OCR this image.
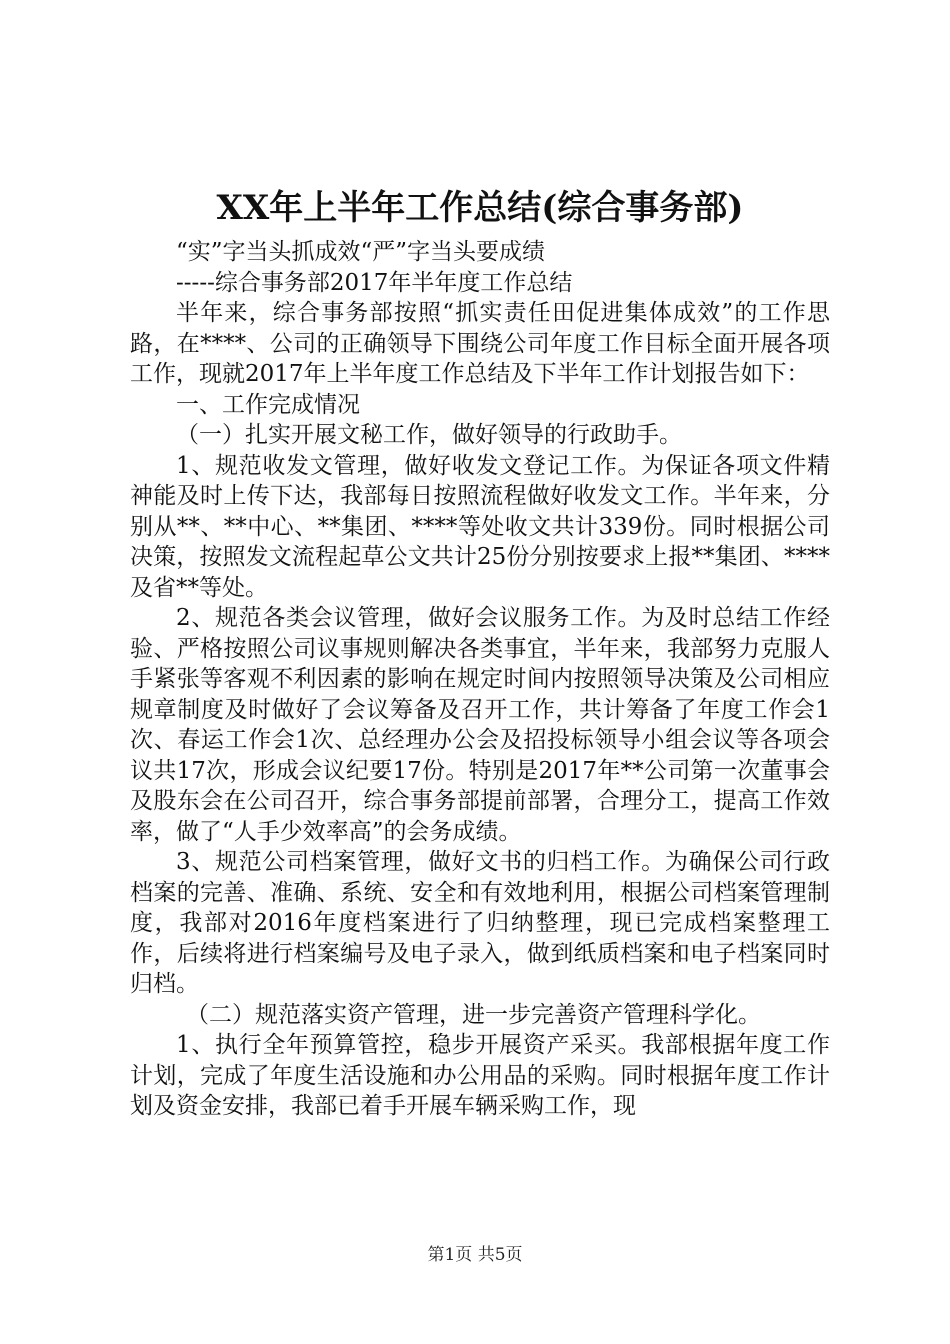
XX年上半年工作总结(综合事务部)

“实”字当头抓成效“严”字当头要成绩

-----综合事务部2017年半年度工作总结

半年来，综合事务部按照“抓实责任田促进集体成效”的工作思路，在****、公司的正确领导下围绕公司年度工作目标全面开展各项工作，现就2017年上半年度工作总结及下半年工作计划报告如下：

一、工作完成情况

（一）扎实开展文秘工作，做好领导的行政助手。

1、规范收发文管理，做好收发文登记工作。为保证各项文件精神能及时上传下达，我部每日按照流程做好收发文工作。半年来，分别从**、**中心、**集团、****等处收文共计339份。同时根据公司决策，按照发文流程起草公文共计25份分别按要求上报**集团、****及省**等处。

2、规范各类会议管理，做好会议服务工作。为及时总结工作经验、严格按照公司议事规则解决各类事宜，半年来，我部努力克服人手紧张等客观不利因素的影响在规定时间内按照领导决策及公司相应规章制度及时做好了会议筹备及召开工作，共计筹备了年度工作会1次、春运工作会1次、总经理办公会及招投标领导小组会议等各项会议共17次，形成会议纪要17份。特别是2017年**公司第一次董事会及股东会在公司召开，综合事务部提前部署，合理分工，提高工作效率，做了“人手少效率高”的会务成绩。

3、规范公司档案管理，做好文书的归档工作。为确保公司行政档案的完善、准确、系统、安全和有效地利用，根据公司档案管理制度，我部对2016年度档案进行了归纳整理，现已完成档案整理工作，后续将进行档案编号及电子录入，做到纸质档案和电子档案同时归档。

（二）规范落实资产管理，进一步完善资产管理科学化。

1、执行全年预算管控，稳步开展资产采买。我部根据年度工作计划，完成了年度生活设施和办公用品的采购。同时根据年度工作计划及资金安排，我部已着手开展车辆采购工作，现

第1页 共5页
